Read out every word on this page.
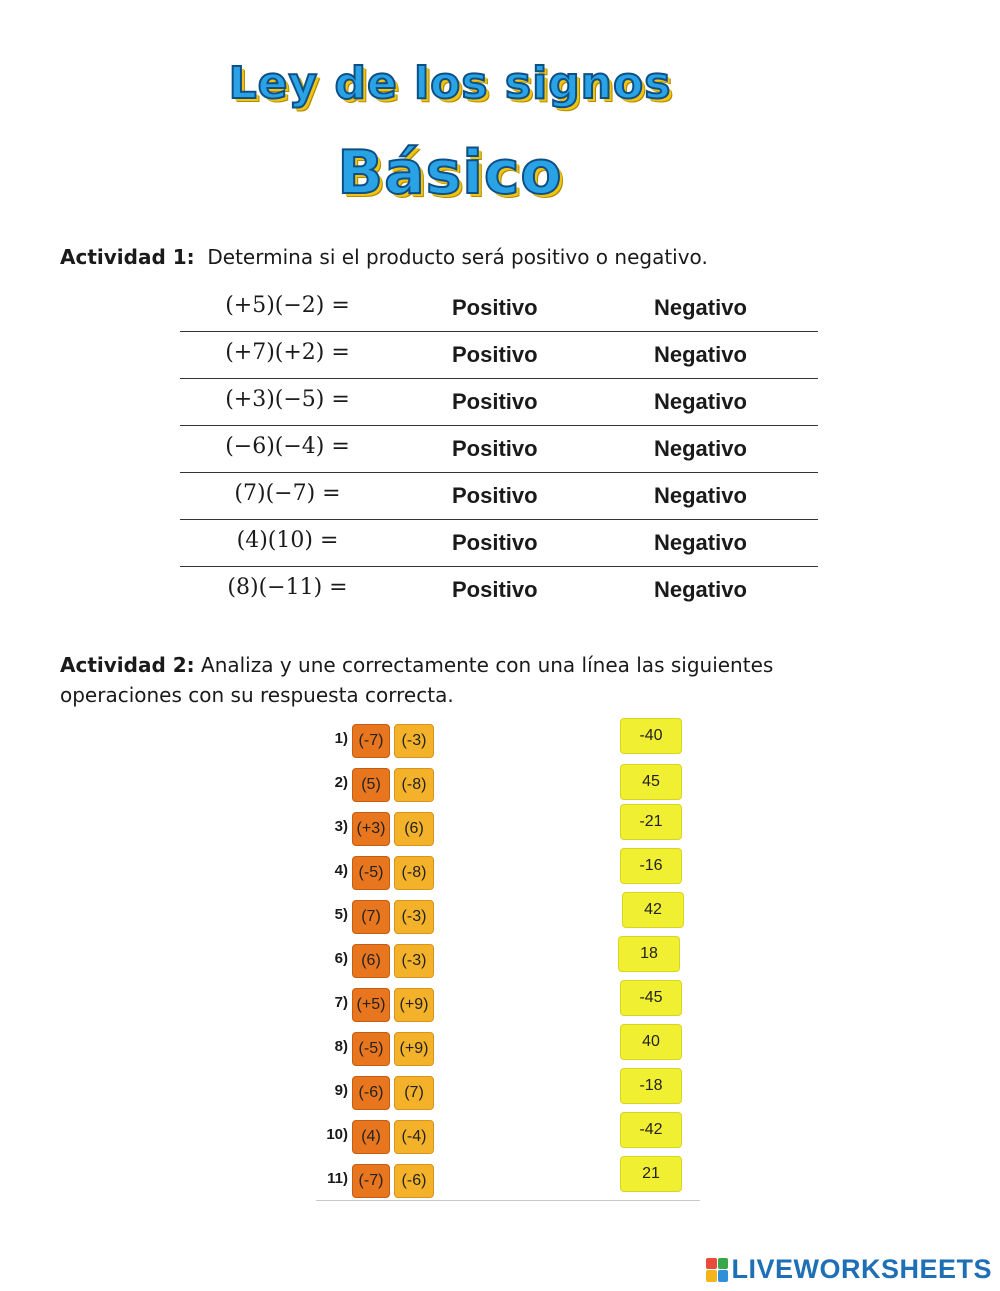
Ley de los signos
Básico
Actividad 1: Determina si el producto será positivo o negativo.
(+5)(−2) =	Positivo	Negativo
(+7)(+2) =	Positivo	Negativo
(+3)(−5) =	Positivo	Negativo
(−6)(−4) =	Positivo	Negativo
(7)(−7) =	Positivo	Negativo
(4)(10) =	Positivo	Negativo
(8)(−11) =	Positivo	Negativo
Actividad 2: Analiza y une correctamente con una línea las siguientes operaciones con su respuesta correcta.
1) (-7)	(-3)
2) (5)	(-8)
3) (+3)	(6)
4) (-5)	(-8)
5) (7)	(-3)
6) (6)	(-3)
7) (+5) (+9)
8) (-5)	(+9)
9) (-6)	(7)
10) (4)	(-4)
11) (-7)	(-6)
-40
45
-21
-16
42
18
-45
40
-18
-42
21
LIVEWORKSHEETS
